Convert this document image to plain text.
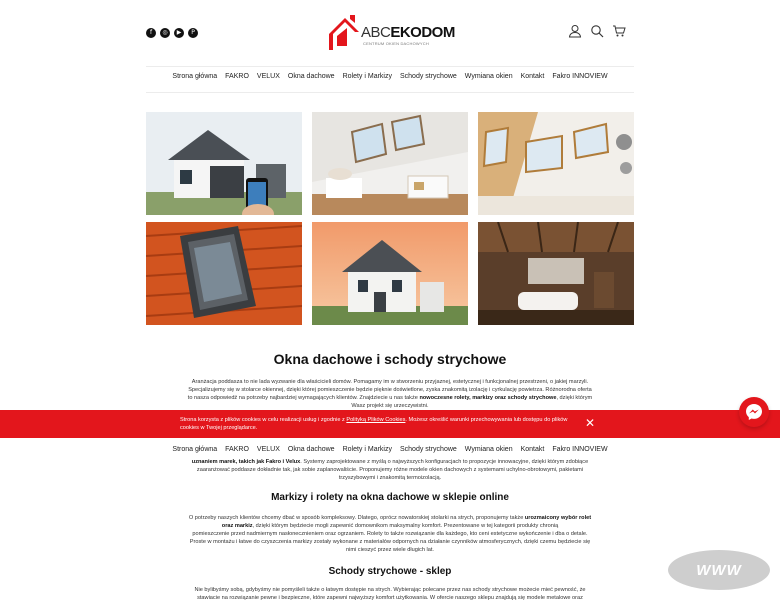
f	◎	▶	P	ABCEKODOM
CENTRUM OKIEN DACHOWYCH
Strona główna	FAKRO	VELUX	Okna dachowe	Rolety i Markizy	Schody strychowe	Wymiana okien	Kontakt	Fakro INNOVIEW
Okna dachowe i schody strychowe
Aranżacja poddasza to nie lada wyzwanie dla właścicieli domów. Pomagamy im w stworzeniu przyjaznej, estetycznej i funkcjonalnej przestrzeni, o jakiej marzyli.
Specjalizujemy się w stolarce okiennej, dzięki której pomieszczenie będzie pięknie doświetlone, zyska znakomitą izolację i cyrkulację powietrza. Różnorodna oferta
to nasza odpowiedź na potrzeby najbardziej wymagających klientów. Znajdziecie u nas także nowoczesne rolety, markizy oraz schody strychowe, dzięki którym
Wasz projekt się urzeczywistni.
uznaniem marek, takich jak Fakro i Velux. Systemy zaprojektowane z myślą o najwyższych konfiguracjach to propozycje innowacyjne, dzięki którym zdobiące
zaaranżować poddasze dokładnie tak, jak sobie zaplanowaliście. Proponujemy różne modele okien dachowych z systemami uchylno-obrotowymi, pakietami
trzyszybowymi i znakomitą termoizolacją.
Markizy i rolety na okna dachowe w sklepie online
O potrzeby naszych klientów chcemy dbać w sposób kompleksowy. Dlatego, oprócz nowatorskiej stolarki na strych, proponujemy także urozmaicony wybór rolet
oraz markiz, dzięki którym będziecie mogli zapewnić domownikom maksymalny komfort. Prezentowane w tej kategorii produkty chronią
pomieszczenie przed nadmiernym nasłonecznieniem oraz ogrzaniem. Rolety to także rozwiązanie dla każdego, kto ceni estetyczne wykończenie i dba o detale.
Proste w montażu i łatwe do czyszczenia markizy zostały wykonane z materiałów odpornych na działanie czynników atmosferycznych, dzięki czemu będziecie się
nimi cieszyć przez wiele długich lat.
Schody strychowe - sklep
Nie bylibyśmy sobą, gdybyśmy nie pomyśleli także o łatwym dostępie na strych. Wybierając polecane przez nas schody strychowe możecie mieć pewność, że
stawiacie na rozwiązanie pewne i bezpieczne, które zapewni najwyższy komfort użytkowania. W ofercie naszego sklepu znajdują się modele metalowe oraz

Strona korzysta z plików cookies w celu realizacji usług i zgodnie z Polityką Plików Cookies. Możesz określić warunki przechowywania lub dostępu do plików cookies w Twojej przeglądarce.	✕
Strona główna	FAKRO	VELUX	Okna dachowe	Rolety i Markizy	Schody strychowe	Wymiana okien	Kontakt	Fakro INNOVIEW
WWW
